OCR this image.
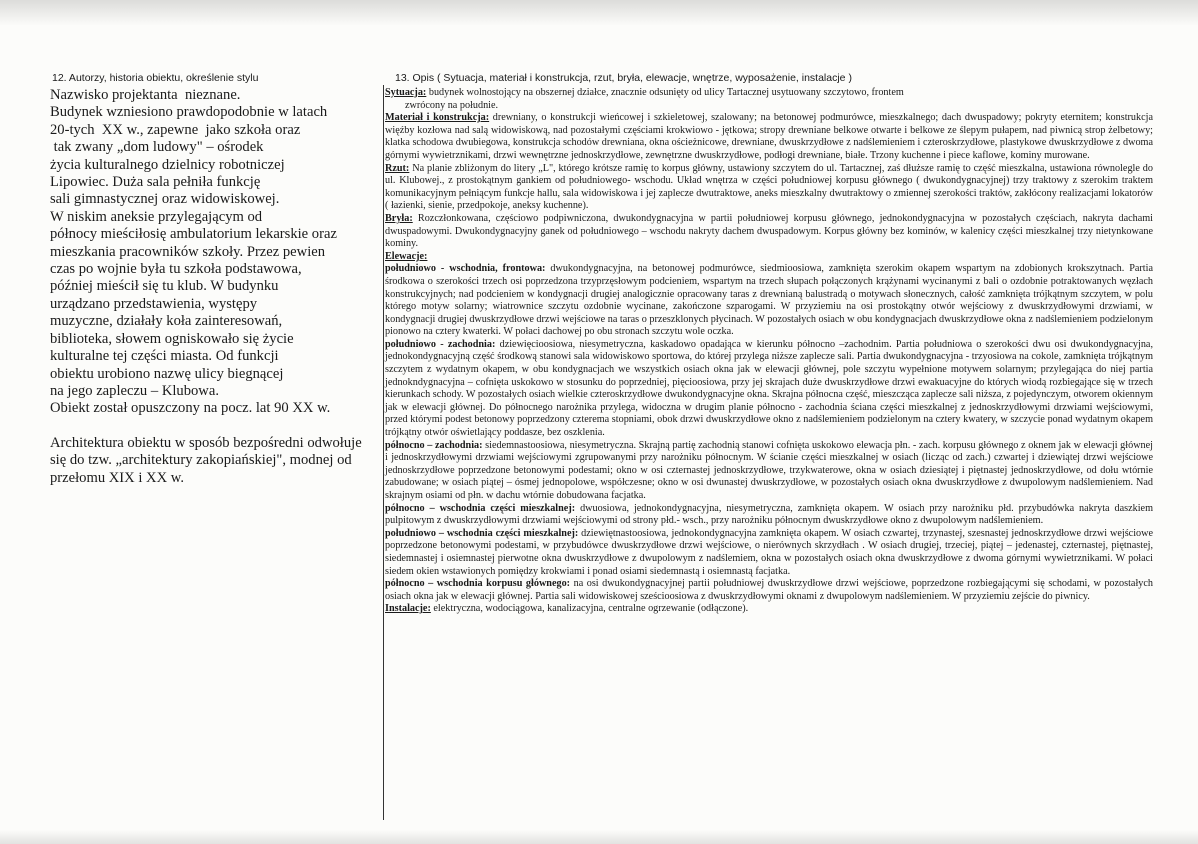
12. Autorzy, historia obiektu, określenie stylu
Nazwisko projektanta  nieznane.
Budynek wzniesiono prawdopodobnie w latach
20-tych  XX w., zapewne  jako szkoła oraz
tak zwany „dom ludowy" – ośrodek
życia kulturalnego dzielnicy robotniczej
Lipowiec. Duża sala pełniła funkcję
sali gimnastycznej oraz widowiskowej.
W niskim aneksie przylegającym od
północy mieściłosię ambulatorium lekarskie oraz
mieszkania pracowników szkoły. Przez pewien
czas po wojnie była tu szkoła podstawowa,
później mieścił się tu klub. W budynku
urządzano przedstawienia, występy
muzyczne, działały koła zainteresowań,
biblioteka, słowem ogniskowało się życie
kulturalne tej części miasta. Od funkcji
obiektu urobiono nazwę ulicy biegnącej
na jego zapleczu – Klubowa.
Obiekt został opuszczony na pocz. lat 90 XX w.
Architektura obiektu w sposób bezpośredni odwołuje
się do tzw. „architektury zakopiańskiej", modnej od
przełomu XIX i XX w.
13. Opis ( Sytuacja, materiał i konstrukcja, rzut, bryła, elewacje, wnętrze, wyposażenie, instalacje )

Sytuacja: budynek wolnostojący na obszernej działce, znacznie odsunięty od ulicy Tartacznej usytuowany szczytowo, frontem
zwrócony na południe.

Materiał i konstrukcja: drewniany, o konstrukcji wieńcowej i szkieletowej, szalowany; na betonowej podmurówce, mieszkalnego; dach dwuspadowy; pokryty eternitem; konstrukcja więźby kozłowa nad salą widowiskową, nad pozostałymi częściami krokwiowo - jętkowa; stropy drewniane belkowe otwarte i belkowe ze ślepym pułapem, nad piwnicą strop żelbetowy; klatka schodowa dwubiegowa, konstrukcja schodów drewniana, okna ościeżnicowe, drewniane, dwuskrzydłowe z nadślemieniem i czteroskrzydłowe, plastykowe dwuskrzydłowe z dwoma górnymi wywietrznikami, drzwi wewnętrzne jednoskrzydłowe, zewnętrzne dwuskrzydłowe, podłogi drewniane, białe. Trzony kuchenne i piece kaflowe, kominy murowane.

Rzut: Na planie zbliżonym do litery „L", którego krótsze ramię to korpus główny, ustawiony szczytem do ul. Tartacznej, zaś dłuższe ramię to część mieszkalna, ustawiona równolegle do ul. Klubowej., z prostokątnym gankiem od południowego- wschodu. Układ wnętrza w części południowej korpusu głównego ( dwukondygnacyjnej) trzy traktowy z szerokim traktem komunikacyjnym pełniącym funkcje hallu, sala widowiskowa i jej zaplecze dwutraktowe, aneks mieszkalny dwutraktowy o zmiennej szerokości traktów, zakłócony realizacjami lokatorów ( łazienki, sienie, przedpokoje, aneksy kuchenne).

Bryła: Rozczłonkowana, częściowo podpiwniczona, dwukondygnacyjna w partii południowej korpusu głównego, jednokondygnacyjna w pozostałych częściach, nakryta dachami dwuspadowymi. Dwukondygnacyjny ganek od południowego – wschodu nakryty dachem dwuspadowym. Korpus główny bez kominów, w kalenicy części mieszkalnej trzy nietynkowane kominy.

Elewacje:

południowo - wschodnia, frontowa: dwukondygnacyjna, na betonowej podmurówce, siedmioosiowa, zamknięta szerokim okapem wspartym na zdobionych krokszytnach. Partia środkowa o szerokości trzech osi poprzedzona trzyprzęsłowym podcieniem, wspartym na trzech słupach połączonych krążynami wycinanymi z bali o ozdobnie potraktowanych węzłach konstrukcyjnych; nad podcieniem w kondygnacji drugiej analogicznie opracowany taras z drewnianą balustradą o motywach słonecznych, całość zamknięta trójkątnym szczytem, w polu którego motyw solarny; wiatrownice szczytu ozdobnie wycinane, zakończone szparogami. W przyziemiu na osi prostokątny otwór wejściowy z dwuskrzydłowymi drzwiami, w kondygnacji drugiej dwuskrzydłowe drzwi wejściowe na taras o przeszklonych płycinach. W pozostałych osiach w obu kondygnacjach dwuskrzydłowe okna z nadślemieniem podzielonym pionowo na cztery kwaterki. W połaci dachowej po obu stronach szczytu wole oczka.

południowo - zachodnia: dziewięcioosiowa, niesymetryczna, kaskadowo opadająca w kierunku północno –zachodnim. Partia południowa o szerokości dwu osi dwukondygnacyjna, jednokondygnacyjną część środkową stanowi sala widowiskowo sportowa, do której przylega niższe zaplecze sali. Partia dwukondygnacyjna - trzyosiowa na cokole, zamknięta trójkątnym szczytem z wydatnym okapem, w obu kondygnacjach we wszystkich osiach okna jak w elewacji głównej, pole szczytu wypełnione motywem solarnym; przylegająca do niej partia jednokndygnacyjna – cofnięta uskokowo w stosunku do poprzedniej, pięcioosiowa, przy jej skrajach duże dwuskrzydłowe drzwi ewakuacyjne do których wiodą rozbiegające się w trzech kierunkach schody. W pozostałych osiach wielkie czteroskrzydłowe dwukondygnacyjne okna. Skrajna północna część, mieszcząca zaplecze sali niższa, z pojedynczym, otworem okiennym jak w elewacji głównej. Do północnego narożnika przylega, widoczna w drugim planie północno - zachodnia ściana części mieszkalnej z jednoskrzydłowymi drzwiami wejściowymi, przed którymi podest betonowy poprzedzony czterema stopniami, obok drzwi dwuskrzydłowe okno z nadślemieniem podzielonym na cztery kwatery, w szczycie ponad wydatnym okapem trójkątny otwór oświetlający poddasze, bez oszklenia.

północno – zachodnia: siedemnastoosiowa, niesymetryczna. Skrajną partię zachodnią stanowi cofnięta uskokowo elewacja płn. - zach. korpusu głównego z oknem jak w elewacji głównej i jednoskrzydłowymi drzwiami wejściowymi zgrupowanymi przy narożniku północnym. W ścianie części mieszkalnej w osiach (licząc od zach.) czwartej i dziewiątej drzwi wejściowe jednoskrzydłowe poprzedzone betonowymi podestami; okno w osi czternastej jednoskrzydłowe, trzykwaterowe, okna w osiach dziesiątej i piętnastej jednoskrzydłowe, od dołu wtórnie zabudowane; w osiach piątej – ósmej jednopolowe, współczesne; okno w osi dwunastej dwuskrzydłowe, w pozostałych osiach okna dwuskrzydłowe z dwupolowym nadślemieniem. Nad skrajnym osiami od płn. w dachu wtórnie dobudowana facjatka.

północno – wschodnia części mieszkalnej: dwuosiowa, jednokondygnacyjna, niesymetryczna, zamknięta okapem. W osiach przy narożniku płd. przybudówka nakryta daszkiem pulpitowym z dwuskrzydłowymi drzwiami wejściowymi od strony płd.- wsch., przy narożniku północnym dwuskrzydłowe okno z dwupolowym nadślemieniem.

południowo – wschodnia części mieszkalnej: dziewiętnastoosiowa, jednokondygnacyjna zamknięta okapem. W osiach czwartej, trzynastej, szesnastej jednoskrzydłowe drzwi wejściowe poprzedzone betonowymi podestami, w przybudówce dwuskrzydłowe drzwi wejściowe, o nierównych skrzydłach . W osiach drugiej, trzeciej, piątej – jedenastej, czternastej, piętnastej, siedemnastej i osiemnastej pierwotne okna dwuskrzydłowe z dwupolowym z nadślemiem, okna w pozostałych osiach okna dwuskrzydłowe z dwoma górnymi wywietrznikami. W połaci siedem okien wstawionych pomiędzy krokwiami i ponad osiami siedemnastą i osiemnastą facjatka.

północno – wschodnia korpusu głównego: na osi dwukondygnacyjnej partii południowej dwuskrzydłowe drzwi wejściowe, poprzedzone rozbiegającymi się schodami, w pozostałych osiach okna jak w elewacji głównej. Partia sali widowiskowej sześcioosiowa z dwuskrzydłowymi oknami z dwupolowym nadślemieniem. W przyziemiu zejście do piwnicy.

Instalacje: elektryczna, wodociągowa, kanalizacyjna, centralne ogrzewanie (odłączone).
